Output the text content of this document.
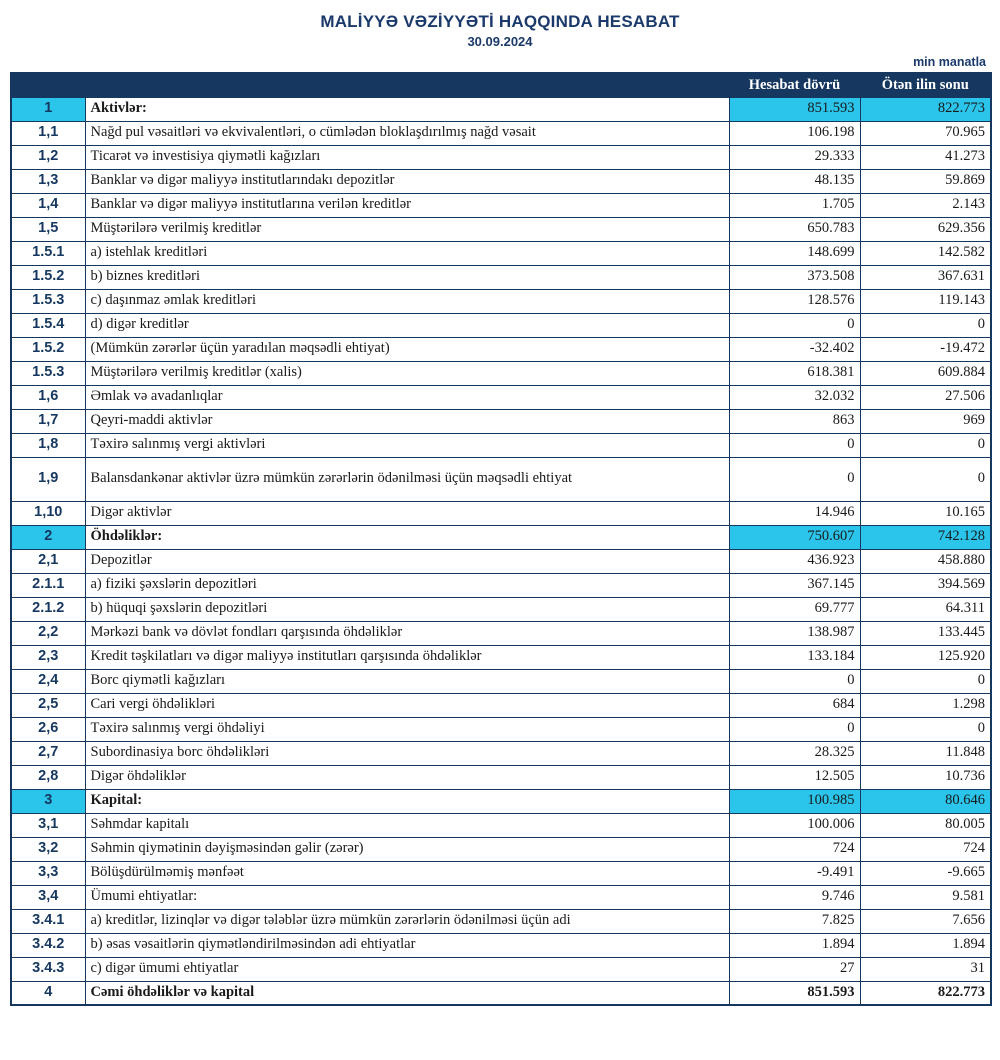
MALİYYƏ VƏZİYYƏTİ HAQQINDA HESABAT
30.09.2024
min manatla
		Hesabat dövrü	Ötən ilin sonu
1	Aktivlər:	851.593	822.773
1,1	Nağd pul vəsaitləri və ekvivalentləri, o cümlədən bloklaşdırılmış nağd vəsait	106.198	70.965
1,2	Ticarət və investisiya qiymətli kağızları	29.333	41.273
1,3	Banklar və digər maliyyə institutlarındakı depozitlər	48.135	59.869
1,4	Banklar və digər maliyyə institutlarına verilən kreditlər	1.705	2.143
1,5	Müştərilərə verilmiş kreditlər	650.783	629.356
1.5.1	a) istehlak kreditləri	148.699	142.582
1.5.2	b) biznes kreditləri	373.508	367.631
1.5.3	c) daşınmaz əmlak kreditləri	128.576	119.143
1.5.4	d) digər kreditlər	0	0
1.5.2	(Mümkün zərərlər üçün yaradılan məqsədli ehtiyat)	-32.402	-19.472
1.5.3	Müştərilərə verilmiş kreditlər (xalis)	618.381	609.884
1,6	Əmlak və avadanlıqlar	32.032	27.506
1,7	Qeyri-maddi aktivlər	863	969
1,8	Təxirə salınmış vergi aktivləri	0	0
1,9	Balansdankənar aktivlər üzrə mümkün zərərlərin ödənilməsi üçün məqsədli ehtiyat	0	0
1,10	Digər aktivlər	14.946	10.165
2	Öhdəliklər:	750.607	742.128
2,1	Depozitlər	436.923	458.880
2.1.1	a) fiziki şəxslərin depozitləri	367.145	394.569
2.1.2	b) hüquqi şəxslərin depozitləri	69.777	64.311
2,2	Mərkəzi bank və dövlət fondları qarşısında öhdəliklər	138.987	133.445
2,3	Kredit təşkilatları və digər maliyyə institutları qarşısında öhdəliklər	133.184	125.920
2,4	Borc qiymətli kağızları	0	0
2,5	Cari vergi öhdəlikləri	684	1.298
2,6	Təxirə salınmış vergi öhdəliyi	0	0
2,7	Subordinasiya borc öhdəlikləri	28.325	11.848
2,8	Digər öhdəliklər	12.505	10.736
3	Kapital:	100.985	80.646
3,1	Səhmdar kapitalı	100.006	80.005
3,2	Səhmin qiymətinin dəyişməsindən gəlir (zərər)	724	724
3,3	Bölüşdürülməmiş mənfəət	-9.491	-9.665
3,4	Ümumi ehtiyatlar:	9.746	9.581
3.4.1	a) kreditlər, lizinqlər və digər tələblər üzrə mümkün zərərlərin ödənilməsi üçün adi	7.825	7.656
3.4.2	b) əsas vəsaitlərin qiymətləndirilməsindən adi ehtiyatlar	1.894	1.894
3.4.3	c) digər ümumi ehtiyatlar	27	31
4	Cəmi öhdəliklər və kapital	851.593	822.773
